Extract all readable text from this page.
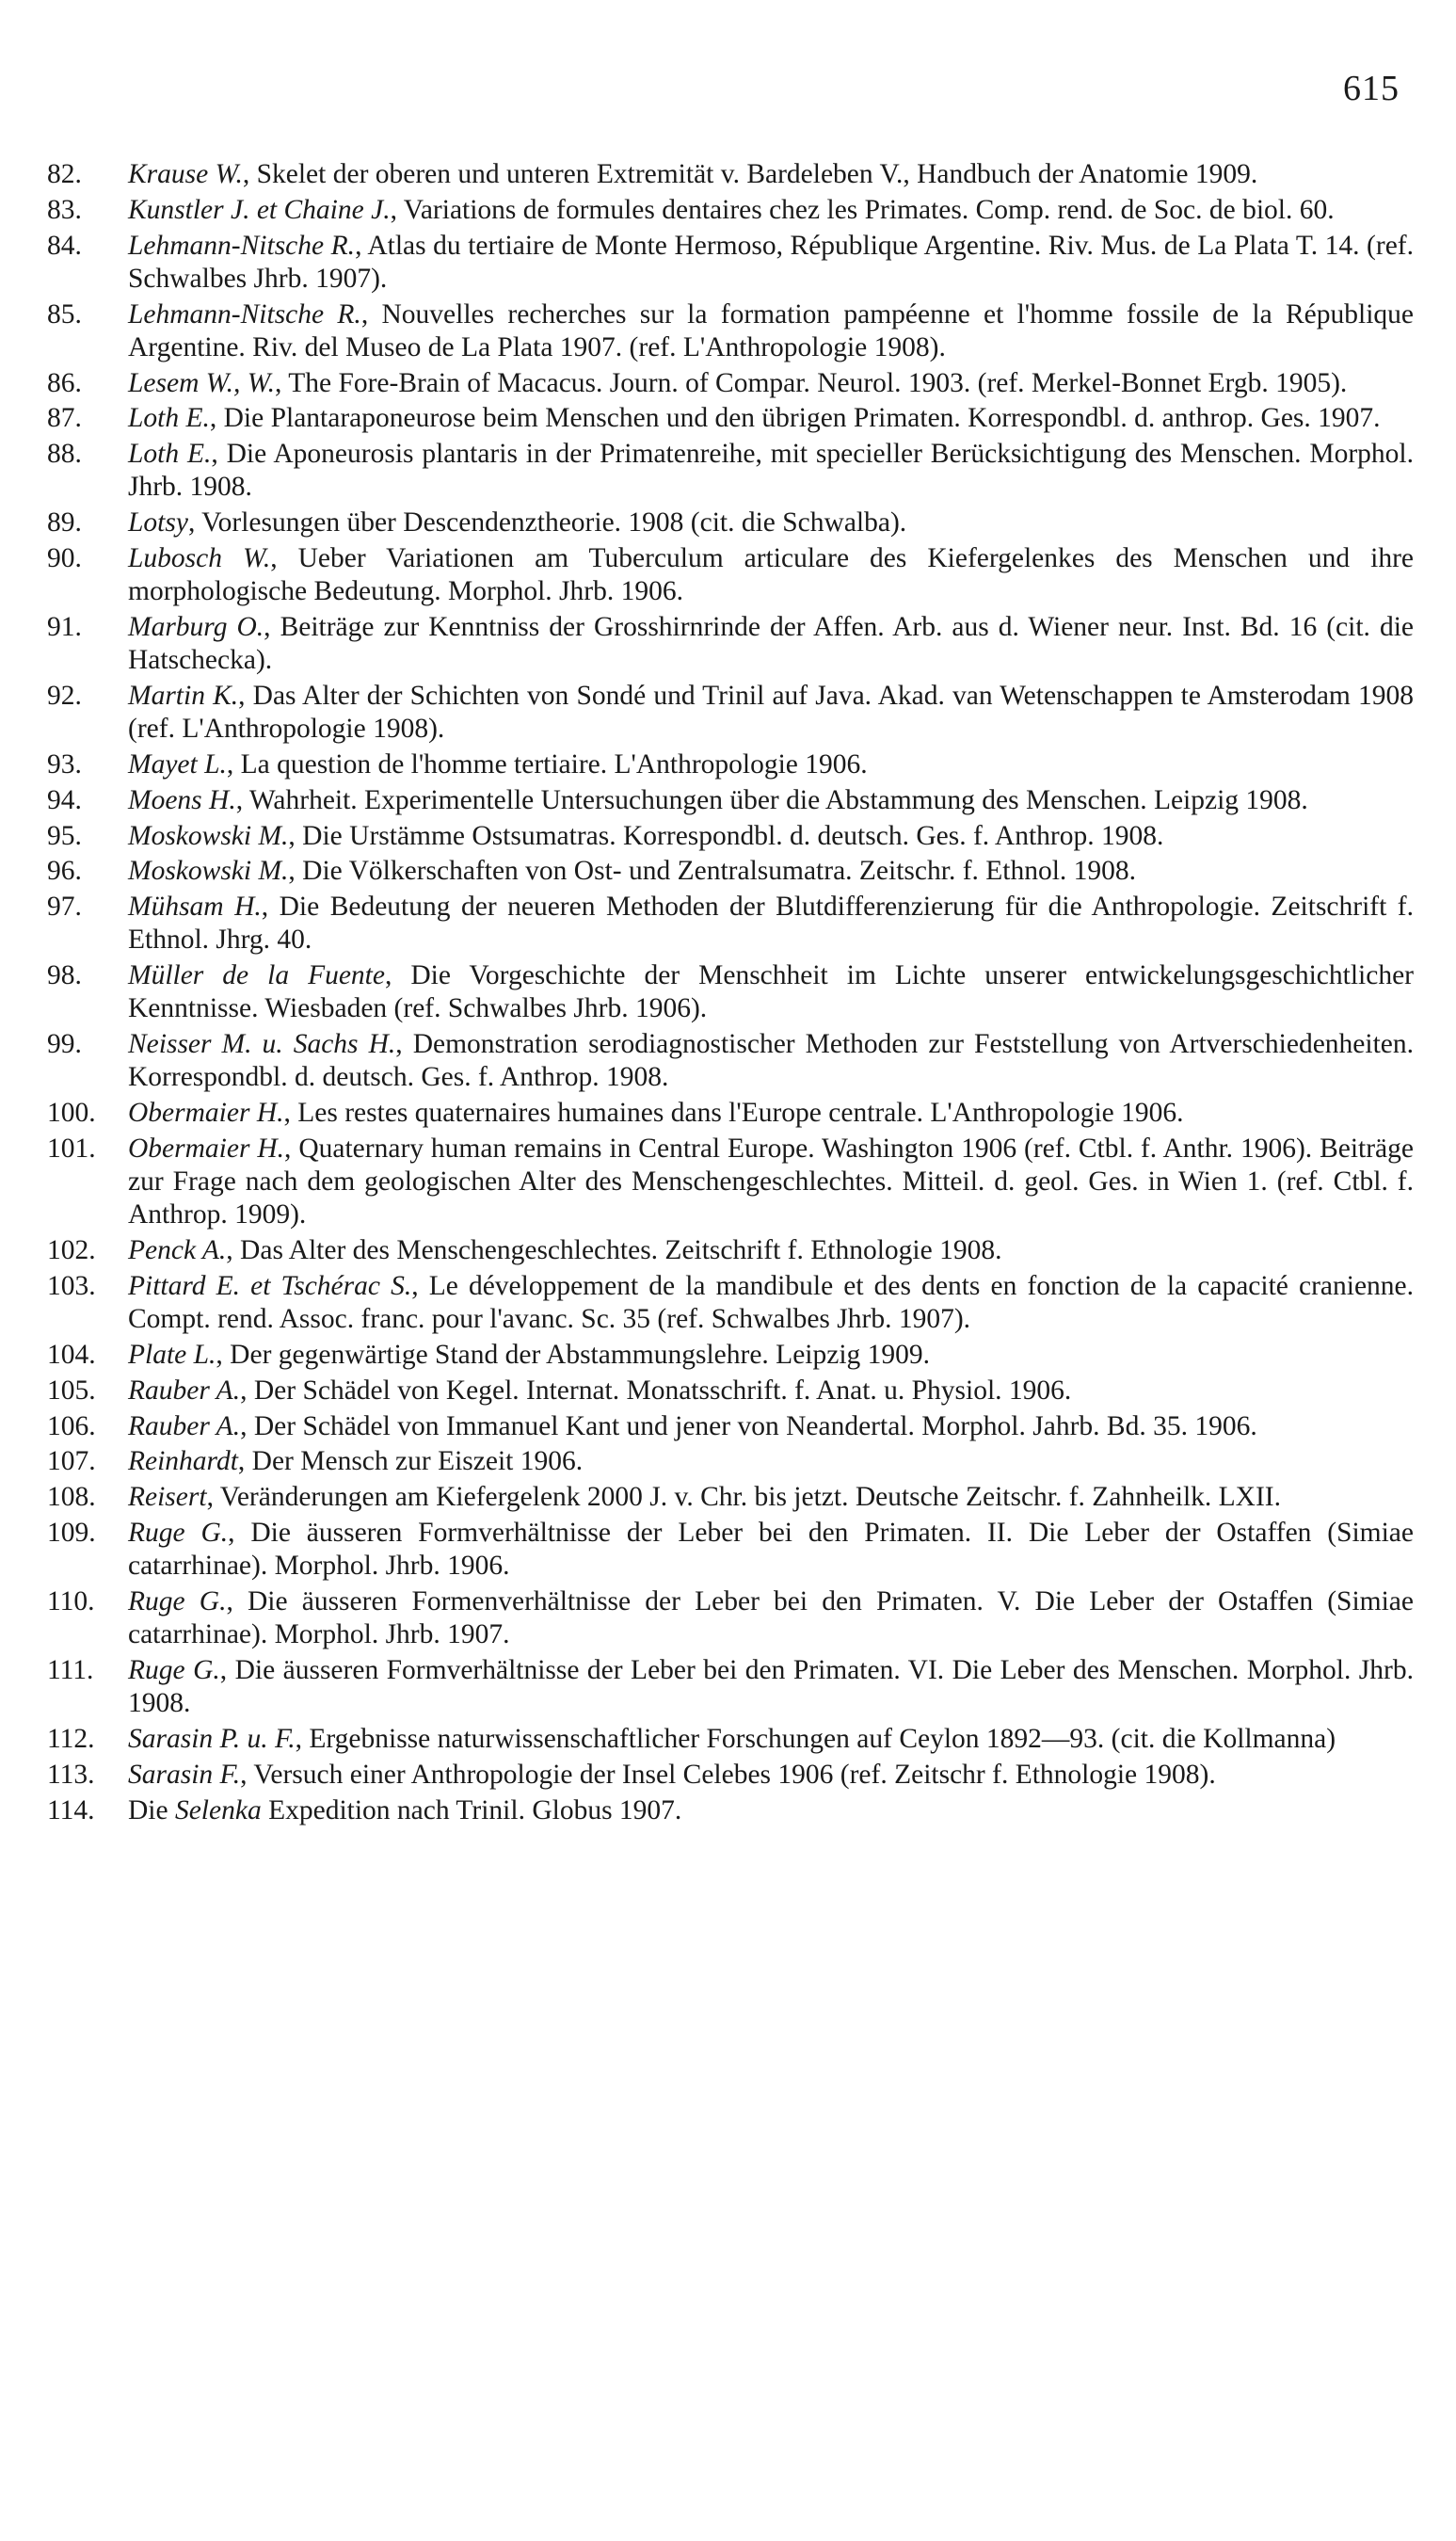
615
82.	Krause W., Skelet der oberen und unteren Extremität v. Bardeleben V., Handbuch der Anatomie 1909.
83.	Kunstler J. et Chaine J., Variations de formules dentaires chez les Primates. Comp. rend. de Soc. de biol. 60.
84.	Lehmann-Nitsche R., Atlas du tertiaire de Monte Hermoso, République Argentine. Riv. Mus. de La Plata T. 14. (ref. Schwalbes Jhrb. 1907).
85.	Lehmann-Nitsche R., Nouvelles recherches sur la formation pampéenne et l'homme fossile de la République Argentine. Riv. del Museo de La Plata 1907. (ref. L'Anthropologie 1908).
86.	Lesem W., W., The Fore-Brain of Macacus. Journ. of Compar. Neurol. 1903. (ref. Merkel-Bonnet Ergb. 1905).
87.	Loth E., Die Plantaraponeurose beim Menschen und den übrigen Primaten. Korrespondbl. d. anthrop. Ges. 1907.
88.	Loth E., Die Aponeurosis plantaris in der Primatenreihe, mit specieller Berücksichtigung des Menschen. Morphol. Jhrb. 1908.
89.	Lotsy, Vorlesungen über Descendenztheorie. 1908 (cit. die Schwalba).
90.	Lubosch W., Ueber Variationen am Tuberculum articulare des Kiefergelenkes des Menschen und ihre morphologische Bedeutung. Morphol. Jhrb. 1906.
91.	Marburg O., Beiträge zur Kenntniss der Grosshirnrinde der Affen. Arb. aus d. Wiener neur. Inst. Bd. 16 (cit. die Hatschecka).
92.	Martin K., Das Alter der Schichten von Sondé und Trinil auf Java. Akad. van Wetenschappen te Amsterodam 1908 (ref. L'Anthropologie 1908).
93.	Mayet L., La question de l'homme tertiaire. L'Anthropologie 1906.
94.	Moens H., Wahrheit. Experimentelle Untersuchungen über die Abstammung des Menschen. Leipzig 1908.
95.	Moskowski M., Die Urstämme Ostsumatras. Korrespondbl. d. deutsch. Ges. f. Anthrop. 1908.
96.	Moskowski M., Die Völkerschaften von Ost- und Zentralsumatra. Zeitschr. f. Ethnol. 1908.
97.	Mühsam H., Die Bedeutung der neueren Methoden der Blutdifferenzierung für die Anthropologie. Zeitschrift f. Ethnol. Jhrg. 40.
98.	Müller de la Fuente, Die Vorgeschichte der Menschheit im Lichte unserer entwickelungsgeschichtlicher Kenntnisse. Wiesbaden (ref. Schwalbes Jhrb. 1906).
99.	Neisser M. u. Sachs H., Demonstration serodiagnostischer Methoden zur Feststellung von Artverschiedenheiten. Korrespondbl. d. deutsch. Ges. f. Anthrop. 1908.
100.	Obermaier H., Les restes quaternaires humaines dans l'Europe centrale. L'Anthropologie 1906.
101.	Obermaier H., Quaternary human remains in Central Europe. Washington 1906 (ref. Ctbl. f. Anthr. 1906). Beiträge zur Frage nach dem geologischen Alter des Menschengeschlechtes. Mitteil. d. geol. Ges. in Wien 1. (ref. Ctbl. f. Anthrop. 1909).
102.	Penck A., Das Alter des Menschengeschlechtes. Zeitschrift f. Ethnologie 1908.
103.	Pittard E. et Tschérac S., Le développement de la mandibule et des dents en fonction de la capacité cranienne. Compt. rend. Assoc. franc. pour l'avanc. Sc. 35 (ref. Schwalbes Jhrb. 1907).
104.	Plate L., Der gegenwärtige Stand der Abstammungslehre. Leipzig 1909.
105.	Rauber A., Der Schädel von Kegel. Internat. Monatsschrift. f. Anat. u. Physiol. 1906.
106.	Rauber A., Der Schädel von Immanuel Kant und jener von Neandertal. Morphol. Jahrb. Bd. 35. 1906.
107.	Reinhardt, Der Mensch zur Eiszeit 1906.
108.	Reisert, Veränderungen am Kiefergelenk 2000 J. v. Chr. bis jetzt. Deutsche Zeitschr. f. Zahnheilk. LXII.
109.	Ruge G., Die äusseren Formverhältnisse der Leber bei den Primaten. II. Die Leber der Ostaffen (Simiae catarrhinae). Morphol. Jhrb. 1906.
110.	Ruge G., Die äusseren Formenverhältnisse der Leber bei den Primaten. V. Die Leber der Ostaffen (Simiae catarrhinae). Morphol. Jhrb. 1907.
111.	Ruge G., Die äusseren Formverhältnisse der Leber bei den Primaten. VI. Die Leber des Menschen. Morphol. Jhrb. 1908.
112.	Sarasin P. u. F., Ergebnisse naturwissenschaftlicher Forschungen auf Ceylon 1892—93. (cit. die Kollmanna)
113.	Sarasin F., Versuch einer Anthropologie der Insel Celebes 1906 (ref. Zeitschr f. Ethnologie 1908).
114.	Die Selenka Expedition nach Trinil. Globus 1907.
